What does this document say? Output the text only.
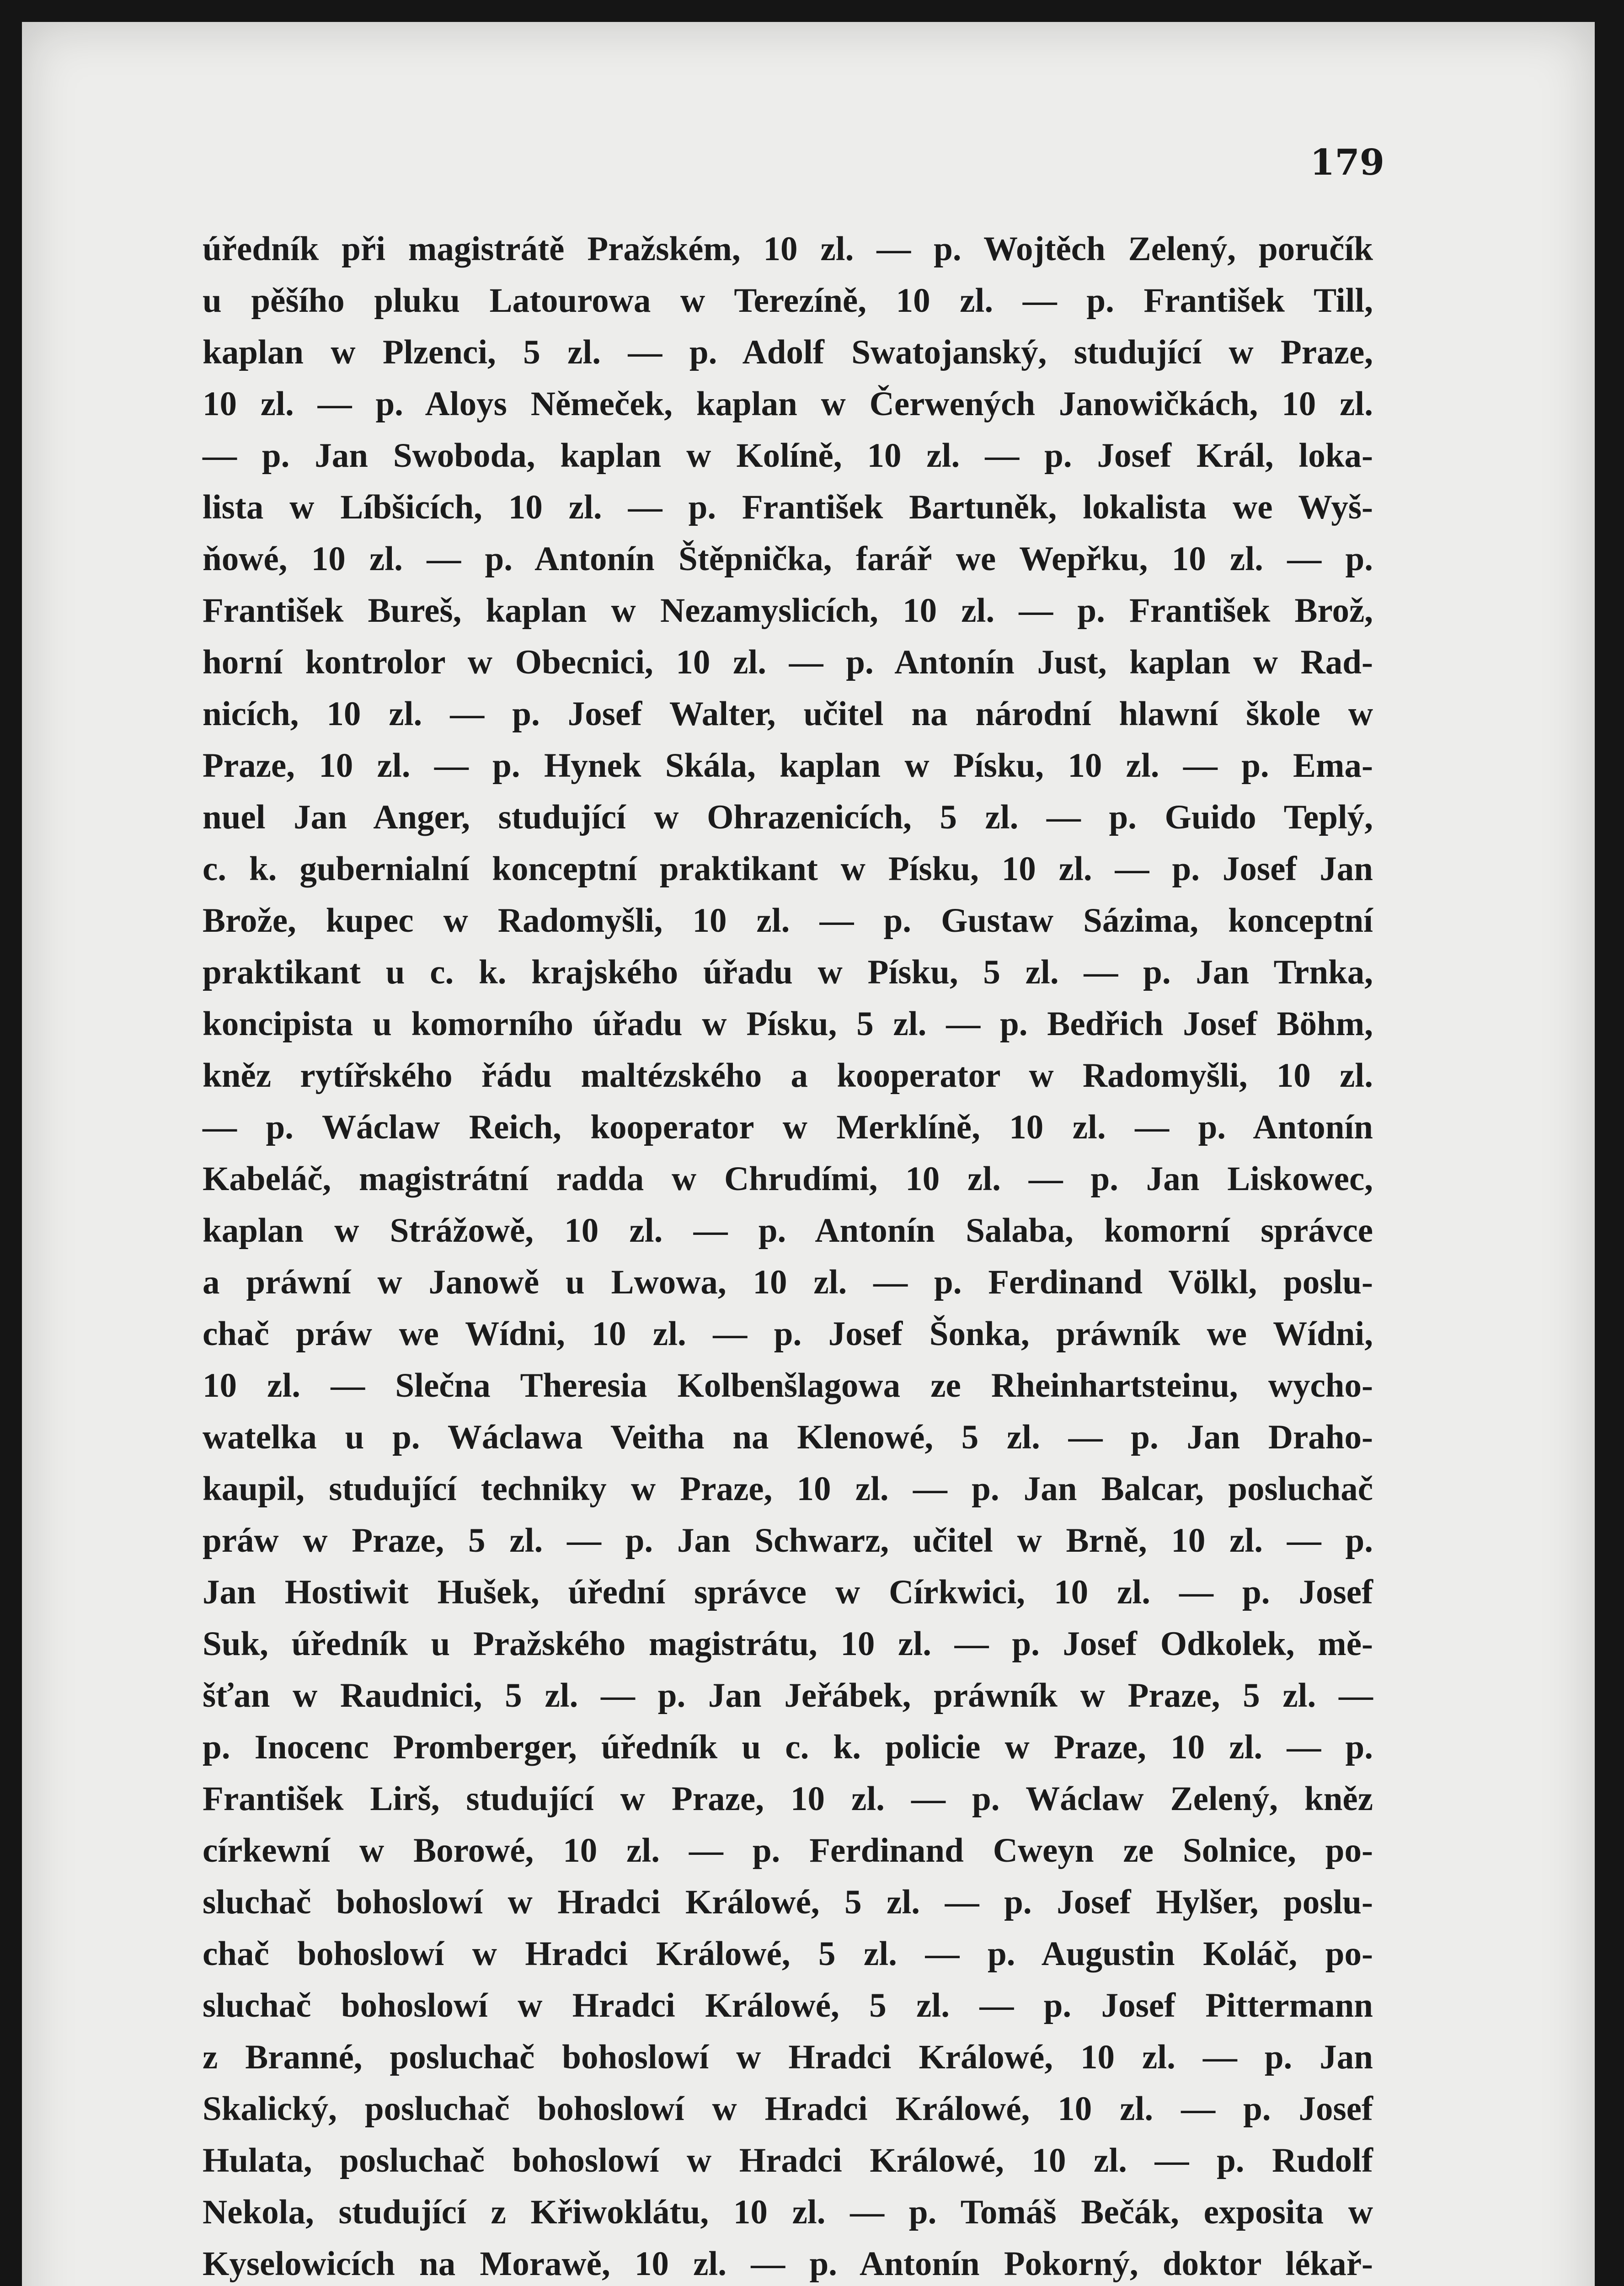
179

úředník při magistrátě Pražském, 10 zl. — p. Wojtěch Zelený, poručík
u pěšího pluku Latourowa w Terezíně, 10 zl. — p. František Till,
kaplan w Plzenci, 5 zl. — p. Adolf Swatojanský, studující w Praze,
10 zl. — p. Aloys Němeček, kaplan w Čerwených Janowičkách, 10 zl.
— p. Jan Swoboda, kaplan w Kolíně, 10 zl. — p. Josef Král, loka-
lista w Líbšicích, 10 zl. — p. František Bartuněk, lokalista we Wyš-
ňowé, 10 zl. — p. Antonín Štěpnička, farář we Wepřku, 10 zl. — p.
František Bureš, kaplan w Nezamyslicích, 10 zl. — p. František Brož,
horní kontrolor w Obecnici, 10 zl. — p. Antonín Just, kaplan w Rad-
nicích, 10 zl. — p. Josef Walter, učitel na národní hlawní škole w
Praze, 10 zl. — p. Hynek Skála, kaplan w Písku, 10 zl. — p. Ema-
nuel Jan Anger, studující w Ohrazenicích, 5 zl. — p. Guido Teplý,
c. k. gubernialní konceptní praktikant w Písku, 10 zl. — p. Josef Jan
Brože, kupec w Radomyšli, 10 zl. — p. Gustaw Sázima, konceptní
praktikant u c. k. krajského úřadu w Písku, 5 zl. — p. Jan Trnka,
koncipista u komorního úřadu w Písku, 5 zl. — p. Bedřich Josef Böhm,
kněz rytířského řádu maltézského a kooperator w Radomyšli, 10 zl.
— p. Wáclaw Reich, kooperator w Merklíně, 10 zl. — p. Antonín
Kabeláč, magistrátní radda w Chrudími, 10 zl. — p. Jan Liskowec,
kaplan w Strážowě, 10 zl. — p. Antonín Salaba, komorní správce
a práwní w Janowě u Lwowa, 10 zl. — p. Ferdinand Völkl, poslu-
chač práw we Wídni, 10 zl. — p. Josef Šonka, práwník we Wídni,
10 zl. — Slečna Theresia Kolbenšlagowa ze Rheinhartsteinu, wycho-
watelka u p. Wáclawa Veitha na Klenowé, 5 zl. — p. Jan Draho-
kaupil, studující techniky w Praze, 10 zl. — p. Jan Balcar, posluchač
práw w Praze, 5 zl. — p. Jan Schwarz, učitel w Brně, 10 zl. — p.
Jan Hostiwit Hušek, úřední správce w Církwici, 10 zl. — p. Josef
Suk, úředník u Pražského magistrátu, 10 zl. — p. Josef Odkolek, mě-
šťan w Raudnici, 5 zl. — p. Jan Jeřábek, práwník w Praze, 5 zl. —
p. Inocenc Promberger, úředník u c. k. policie w Praze, 10 zl. — p.
František Lirš, studující w Praze, 10 zl. — p. Wáclaw Zelený, kněz
církewní w Borowé, 10 zl. — p. Ferdinand Cweyn ze Solnice, po-
sluchač bohoslowí w Hradci Králowé, 5 zl. — p. Josef Hylšer, poslu-
chač bohoslowí w Hradci Králowé, 5 zl. — p. Augustin Koláč, po-
sluchač bohoslowí w Hradci Králowé, 5 zl. — p. Josef Pittermann
z Branné, posluchač bohoslowí w Hradci Králowé, 10 zl. — p. Jan
Skalický, posluchač bohoslowí w Hradci Králowé, 10 zl. — p. Josef
Hulata, posluchač bohoslowí w Hradci Králowé, 10 zl. — p. Rudolf
Nekola, studující z Křiwoklátu, 10 zl. — p. Tomáš Bečák, exposita w
Kyselowicích na Morawě, 10 zl. — p. Antonín Pokorný, doktor lékař-
